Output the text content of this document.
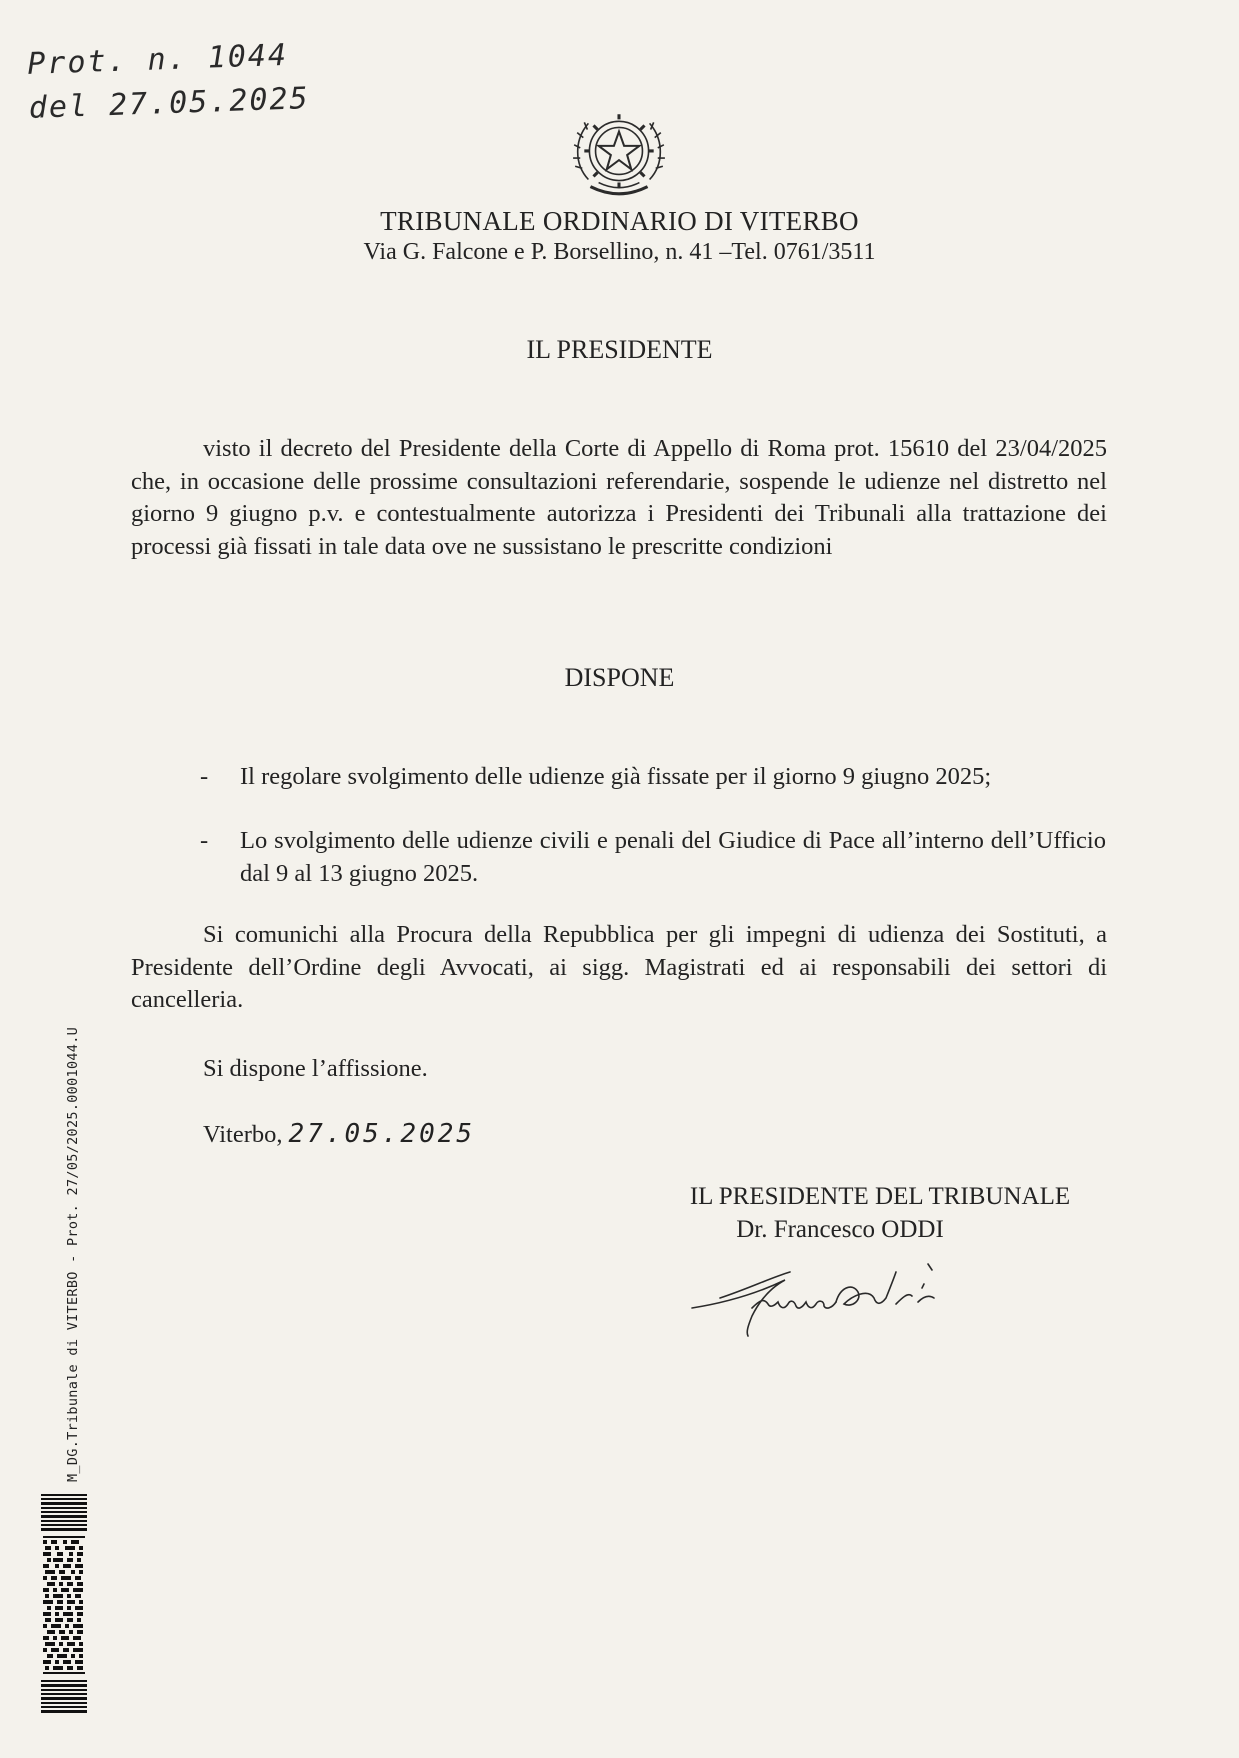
Prot. n. 1044
del 27.05.2025
TRIBUNALE ORDINARIO DI VITERBO
Via G. Falcone e P. Borsellino, n. 41 –Tel. 0761/3511
IL PRESIDENTE
visto il decreto del Presidente della Corte di Appello di Roma prot. 15610 del 23/04/2025 che, in occasione delle prossime consultazioni referendarie, sospende le udienze nel distretto nel giorno 9 giugno p.v. e contestualmente autorizza i Presidenti dei Tribunali alla trattazione dei processi già fissati in tale data ove ne sussistano le prescritte condizioni
DISPONE
- Il regolare svolgimento delle udienze già fissate per il giorno 9 giugno 2025;
- Lo svolgimento delle udienze civili e penali del Giudice di Pace all’interno dell’Ufficio dal 9 al 13 giugno 2025.
Si comunichi alla Procura della Repubblica per gli impegni di udienza dei Sostituti, a Presidente dell’Ordine degli Avvocati, ai sigg. Magistrati ed ai responsabili dei settori di cancelleria.
Si dispone l’affissione.
Viterbo, 27.05.2025
IL PRESIDENTE DEL TRIBUNALE
Dr. Francesco ODDI
M_DG.Tribunale di VITERBO - Prot. 27/05/2025.0001044.U
